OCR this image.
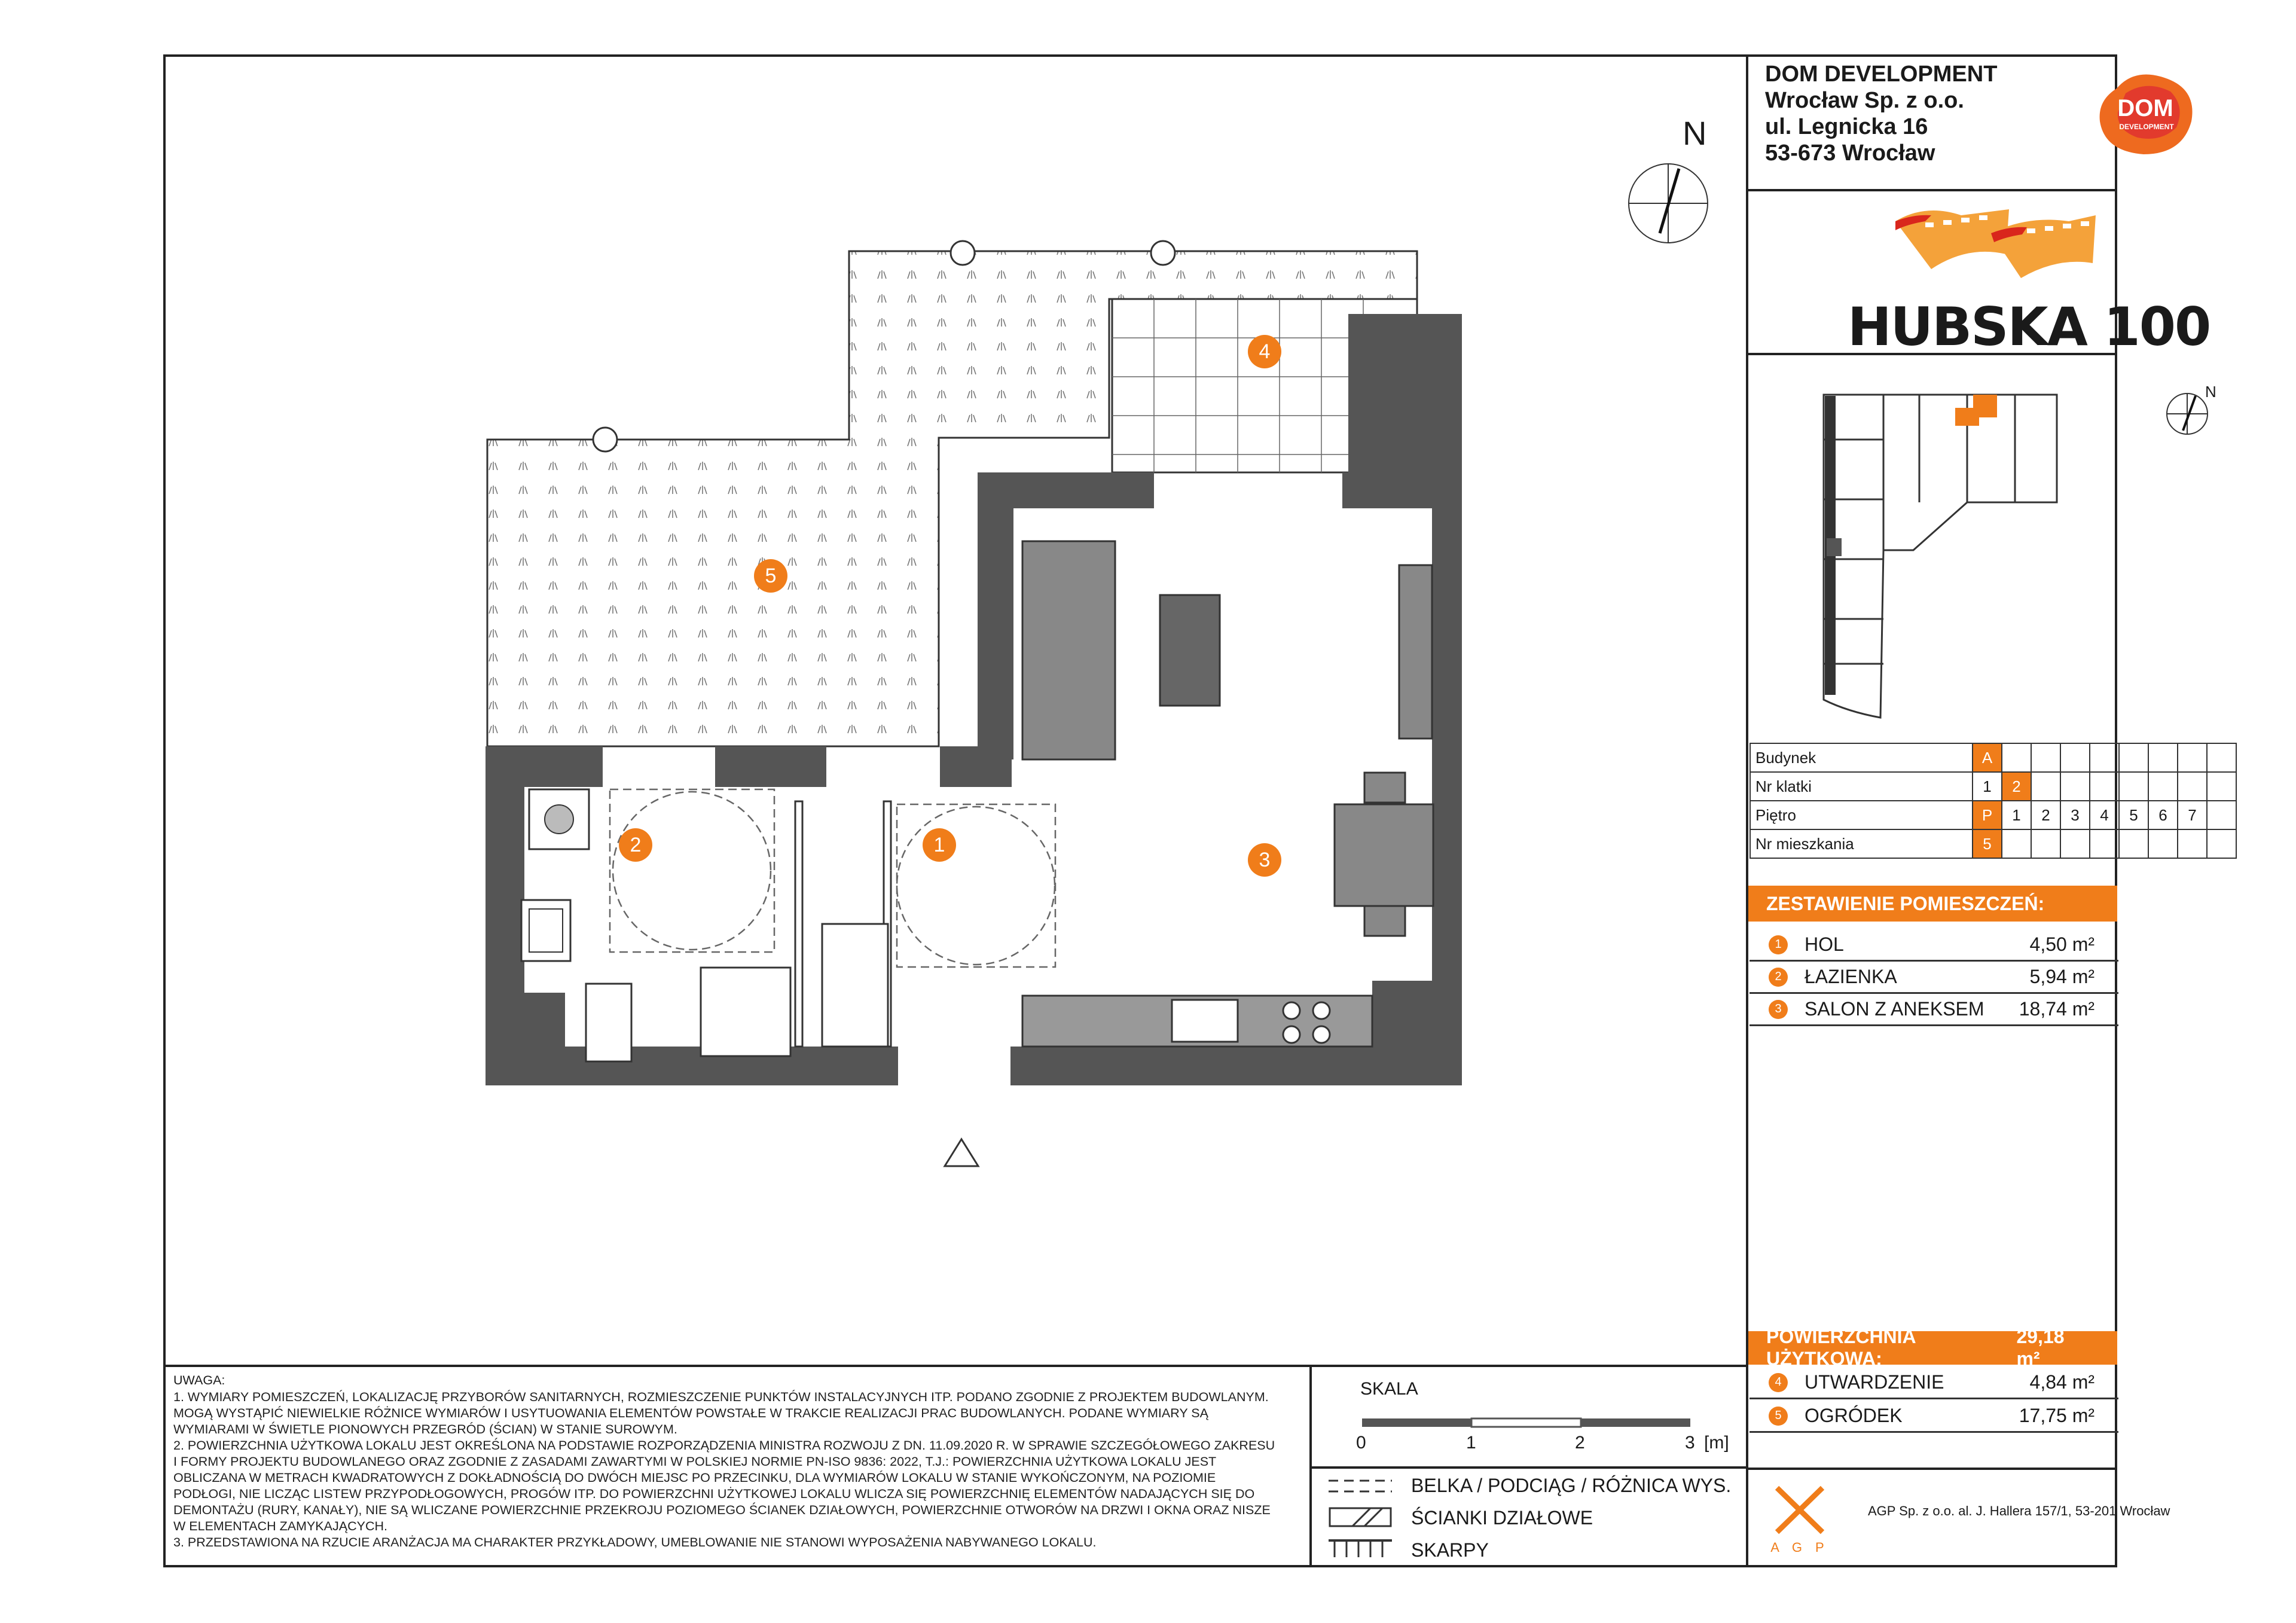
DOM DEVELOPMENT
Wrocław Sp. z o.o.
ul. Legnicka 16
53-673 Wrocław
DOM
DEVELOPMENT
HUBSKA 100
N
Budynek	A								
Nr klatki	1	2							
Piętro	P	1	2	3	4	5	6	7	
Nr mieszkania	5								
ZESTAWIENIE POMIESZCZEŃ:
1	HOL	4,50 m²
2	ŁAZIENKA	5,94 m²
3	SALON Z ANEKSEM	18,74 m²
POWIERZCHNIA UŻYTKOWA:
29,18 m²
4	UTWARDZENIE	4,84 m²
5	OGRÓDEK	17,75 m²
A G P
AGP Sp. z o.o. al. J. Hallera 157/1, 53-201 Wrocław
UWAGA:
1. WYMIARY POMIESZCZEŃ, LOKALIZACJĘ PRZYBORÓW SANITARNYCH, ROZMIESZCZENIE PUNKTÓW INSTALACYJNYCH ITP. PODANO ZGODNIE Z PROJEKTEM BUDOWLANYM.
MOGĄ WYSTĄPIĆ NIEWIELKIE RÓŻNICE WYMIARÓW I USYTUOWANIA ELEMENTÓW POWSTAŁE W TRAKCIE REALIZACJI PRAC BUDOWLANYCH. PODANE WYMIARY SĄ
WYMIARAMI W ŚWIETLE PIONOWYCH PRZEGRÓD (ŚCIAN) W STANIE SUROWYM.
2. POWIERZCHNIA UŻYTKOWA LOKALU JEST OKREŚLONA NA PODSTAWIE ROZPORZĄDZENIA MINISTRA ROZWOJU Z DN. 11.09.2020 R. W SPRAWIE SZCZEGÓŁOWEGO ZAKRESU
I FORMY PROJEKTU BUDOWLANEGO ORAZ ZGODNIE Z ZASADAMI ZAWARTYMI W POLSKIEJ NORMIE PN-ISO 9836: 2022, T.J.: POWIERZCHNIA UŻYTKOWA LOKALU JEST
OBLICZANA W METRACH KWADRATOWYCH Z DOKŁADNOŚCIĄ DO DWÓCH MIEJSC PO PRZECINKU, DLA WYMIARÓW LOKALU W STANIE WYKOŃCZONYM, NA POZIOMIE
PODŁOGI, NIE LICZĄC LISTEW PRZYPODŁOGOWYCH, PROGÓW ITP. DO POWIERZCHNI UŻYTKOWEJ LOKALU WLICZA SIĘ POWIERZCHNIĘ ELEMENTÓW NADAJĄCYCH SIĘ DO
DEMONTAŻU (RURY, KANAŁY), NIE SĄ WLICZANE POWIERZCHNIE PRZEKROJU POZIOMEGO ŚCIANEK DZIAŁOWYCH, POWIERZCHNIE OTWORÓW NA DRZWI I OKNA ORAZ NISZE
W ELEMENTACH ZAMYKAJĄCYCH.
3. PRZEDSTAWIONA NA RZUCIE ARANŻACJA MA CHARAKTER PRZYKŁADOWY, UMEBLOWANIE NIE STANOWI WYPOSAŻENIA NABYWANEGO LOKALU.
SKALA
0	1	2	3 [m]
BELKA / PODCIĄG / RÓŻNICA WYS.
ŚCIANKI DZIAŁOWE
SKARPY
N
1
2
3
4
5
